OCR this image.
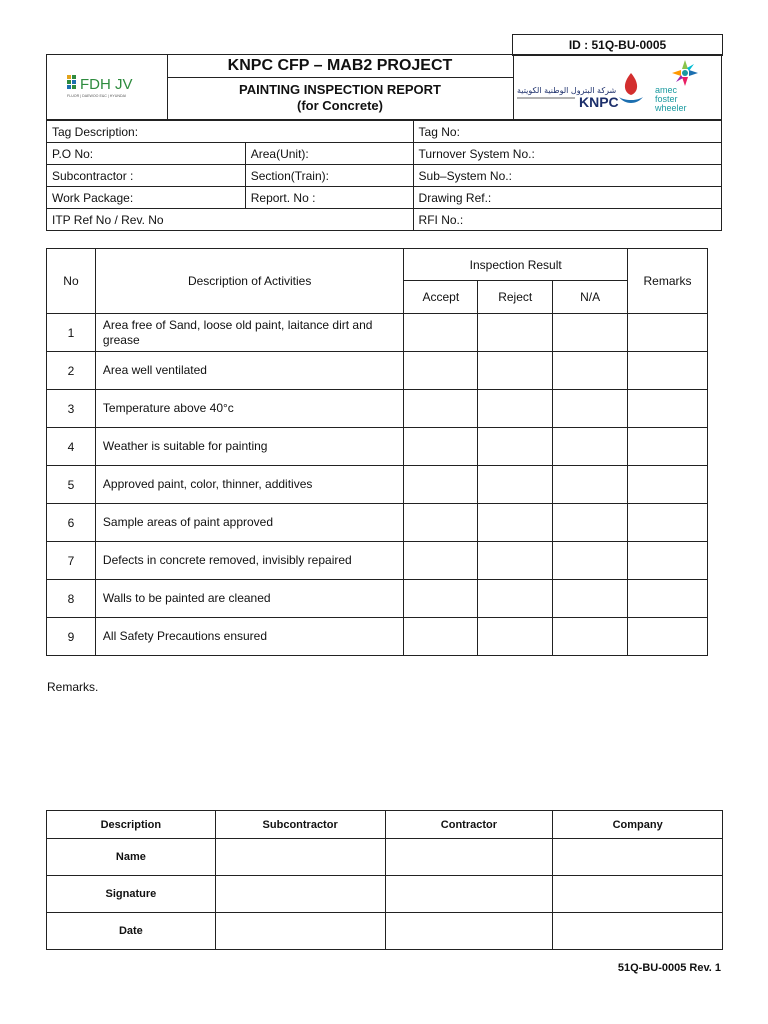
ID : 51Q-BU-0005
FDH JV
FLUOR | DAEWOO E&C | HYUNDAI
KNPC CFP – MAB2 PROJECT
PAINTING INSPECTION REPORT
(for Concrete)
شركة البترول الوطنية الكويتية
KNPC
amec
foster
wheeler
Tag Description:		Tag No:
P.O No:	Area(Unit):	Turnover System No.:
Subcontractor :	Section(Train):	Sub–System No.:
Work Package:	Report. No :	Drawing Ref.:
ITP Ref No / Rev. No		RFI No.:
No	Description of Activities	Inspection Result			Remarks
		Accept	Reject	N/A	
1	Area free of Sand, loose old paint, laitance dirt and grease				
2	Area well ventilated				
3	Temperature above 40°c				
4	Weather is suitable for painting				
5	Approved paint, color, thinner, additives				
6	Sample areas of paint approved				
7	Defects in concrete removed, invisibly repaired				
8	Walls to be painted are cleaned				
9	All Safety Precautions ensured				
Remarks.
Description	Subcontractor	Contractor	Company
Name			
Signature			
Date			
51Q-BU-0005 Rev. 1
